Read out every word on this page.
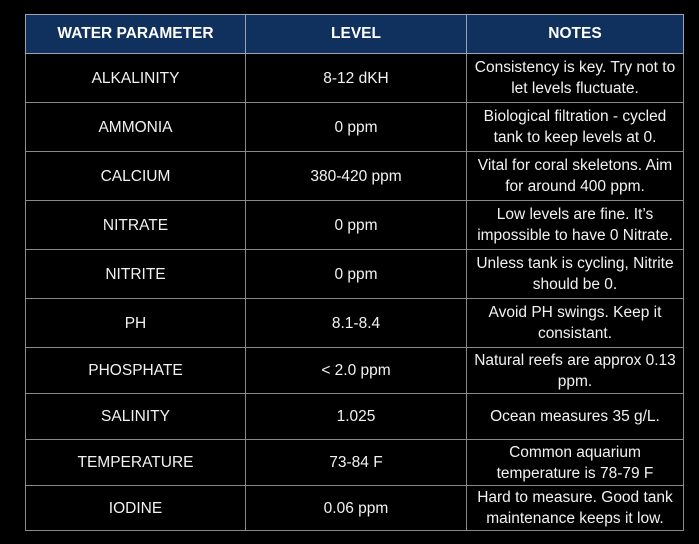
WATER PARAMETER	LEVEL	NOTES
ALKALINITY	8-12 dKH	Consistency is key. Try not to let levels fluctuate.
AMMONIA	0 ppm	Biological filtration - cycled tank to keep levels at 0.
CALCIUM	380-420 ppm	Vital for coral skeletons. Aim for around 400 ppm.
NITRATE	0 ppm	Low levels are fine. It’s impossible to have 0 Nitrate.
NITRITE	0 ppm	Unless tank is cycling, Nitrite should be 0.
PH	8.1-8.4	Avoid PH swings. Keep it consistant.
PHOSPHATE	< 2.0 ppm	Natural reefs are approx 0.13 ppm.
SALINITY	1.025	Ocean measures 35 g/L.
TEMPERATURE	73-84 F	Common aquarium temperature is 78-79 F
IODINE	0.06 ppm	Hard to measure. Good tank maintenance keeps it low.
